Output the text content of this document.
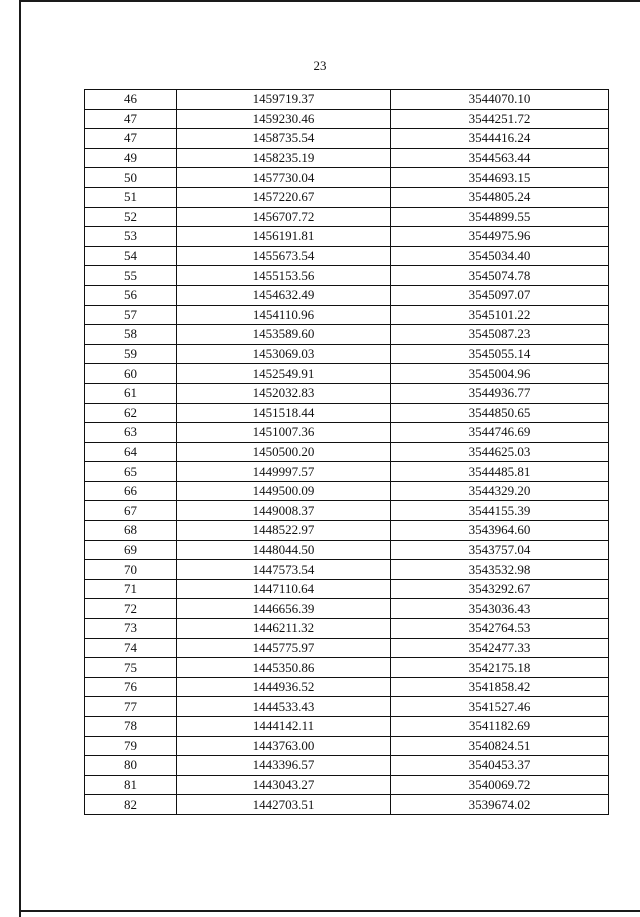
23
46	1459719.37	3544070.10
47	1459230.46	3544251.72
47	1458735.54	3544416.24
49	1458235.19	3544563.44
50	1457730.04	3544693.15
51	1457220.67	3544805.24
52	1456707.72	3544899.55
53	1456191.81	3544975.96
54	1455673.54	3545034.40
55	1455153.56	3545074.78
56	1454632.49	3545097.07
57	1454110.96	3545101.22
58	1453589.60	3545087.23
59	1453069.03	3545055.14
60	1452549.91	3545004.96
61	1452032.83	3544936.77
62	1451518.44	3544850.65
63	1451007.36	3544746.69
64	1450500.20	3544625.03
65	1449997.57	3544485.81
66	1449500.09	3544329.20
67	1449008.37	3544155.39
68	1448522.97	3543964.60
69	1448044.50	3543757.04
70	1447573.54	3543532.98
71	1447110.64	3543292.67
72	1446656.39	3543036.43
73	1446211.32	3542764.53
74	1445775.97	3542477.33
75	1445350.86	3542175.18
76	1444936.52	3541858.42
77	1444533.43	3541527.46
78	1444142.11	3541182.69
79	1443763.00	3540824.51
80	1443396.57	3540453.37
81	1443043.27	3540069.72
82	1442703.51	3539674.02
